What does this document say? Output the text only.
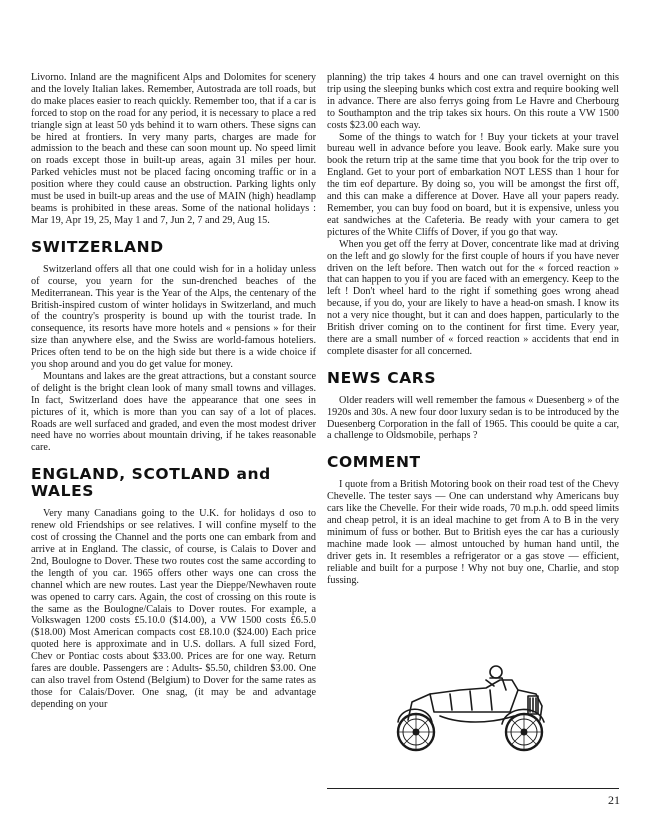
Livorno. Inland are the magnificent Alps and Dolomites for scenery and the lovely Italian lakes. Remember, Autostrada are toll roads, but do make places easier to reach quickly. Remember too, that if a car is forced to stop on the road for any period, it is necessary to place a red triangle sign at least 50 yds behind it to warn others. These signs can be hired at frontiers. In very many parts, charges are made for admission to the beach and these can soon mount up. No speed limit on roads except those in built-up areas, again 31 miles per hour. Parked vehicles must not be placed facing oncoming traffic or in a position where they could cause an obstruction. Parking lights only must be used in built-up areas and the use of MAIN (high) headlamp beams is prohibited in these areas. Some of the national holidays : Mar 19, Apr 19, 25, May 1 and 7, Jun 2, 7 and 29, Aug 15.

SWITZERLAND

Switzerland offers all that one could wish for in a holiday unless of course, you yearn for the sun-drenched beaches of the Mediterranean. This year is the Year of the Alps, the centenary of the British-inspired custom of winter holidays in Switzerland, and much of the country's prosperity is bound up with the tourist trade. In consequence, its resorts have more hotels and « pensions » for their size than anywhere else, and the Swiss are world-famous hoteliers. Prices often tend to be on the high side but there is a wide choice if you shop around and you do get value for money.

Mountans and lakes are the great attractions, but a constant source of delight is the bright clean look of many small towns and villages. In fact, Switzerland does have the appearance that one sees in pictures of it, which is more than you can say of a lot of places. Roads are well surfaced and graded, and even the most modest driver need have no worries about mountain driving, if he takes reasonable care.

ENGLAND, SCOTLAND and WALES

Very many Canadians going to the U.K. for holidays d oso to renew old Friendships or see relatives. I will confine myself to the cost of crossing the Channel and the ports one can embark from and arrive at in England. The classic, of course, is Calais to Dover and 2nd, Boulogne to Dover. These two routes cost the same according to the length of you car. 1965 offers other ways one can cross the channel which are new routes. Last year the Dieppe/Newhaven route was opened to carry cars. Again, the cost of crossing on this route is the same as the Boulogne/Calais to Dover routes. For example, a Volkswagen 1200 costs £5.10.0 ($14.00), a VW 1500 costs £6.5.0 ($18.00) Most American compacts cost £8.10.0 ($24.00) Each price quoted here is approximate and in U.S. dollars. A full sized Ford, Chev or Pontiac costs about $33.00. Prices are for one way. Return fares are double. Passengers are : Adults- $5.50, children $3.00. One can also travel from Ostend (Belgium) to Dover for the same rates as those for Calais/Dover. One snag, (it may be and advantage depending on your

planning) the trip takes 4 hours and one can travel overnight on this trip using the sleeping bunks which cost extra and require booking well in advance. There are also ferrys going from Le Havre and Cherbourg to Southampton and the trip takes six hours. On this route a VW 1500 costs $23.00 each way.

Some of the things to watch for ! Buy your tickets at your travel bureau well in advance before you leave. Book early. Make sure you book the return trip at the same time that you book for the trip over to England. Get to your port of embarkation NOT LESS than 1 hour for the tim eof departure. By doing so, you will be amongst the first off, and this can make a difference at Dover. Have all your papers ready. Remember, you can buy food on board, but it is expensive, unless you eat sandwiches at the Cafeteria. Be ready with your camera to get pictures of the White Cliffs of Dover, if you go that way.

When you get off the ferry at Dover, concentrate like mad at driving on the left and go slowly for the first couple of hours if you have never driven on the left before. Then watch out for the « forced reaction » that can happen to you if you are faced with an emergency. Keep to the left ! Don't wheel hard to the right if something goes wrong ahead because, if you do, your are likely to have a head-on smash. I know its not a very nice thought, but it can and does happen, particularly to the British driver coming on to the continent for first time. Every year, there are a small number of « forced reaction » accidents that end in complete disaster for all concerned.

NEWS CARS

Older readers will well remember the famous « Duesenberg » of the 1920s and 30s. A new four door luxury sedan is to be introduced by the Duesenberg Corporation in the fall of 1965. This coould be quite a car, a challenge to Oldsmobile, perhaps ?

COMMENT

I quote from a British Motoring book on their road test of the Chevy Chevelle. The tester says — One can understand why Americans buy cars like the Chevelle. For their wide roads, 70 m.p.h. odd speed limits and cheap petrol, it is an ideal machine to get from A to B in the very minimum of fuss or bother. But to British eyes the car has a curiously machine made look — almost untouched by human hand until, the driver gets in. It resembles a refrigerator or a gas stove — efficient, reliable and built for a purpose ! Why not buy one, Charlie, and stop fussing.

21
